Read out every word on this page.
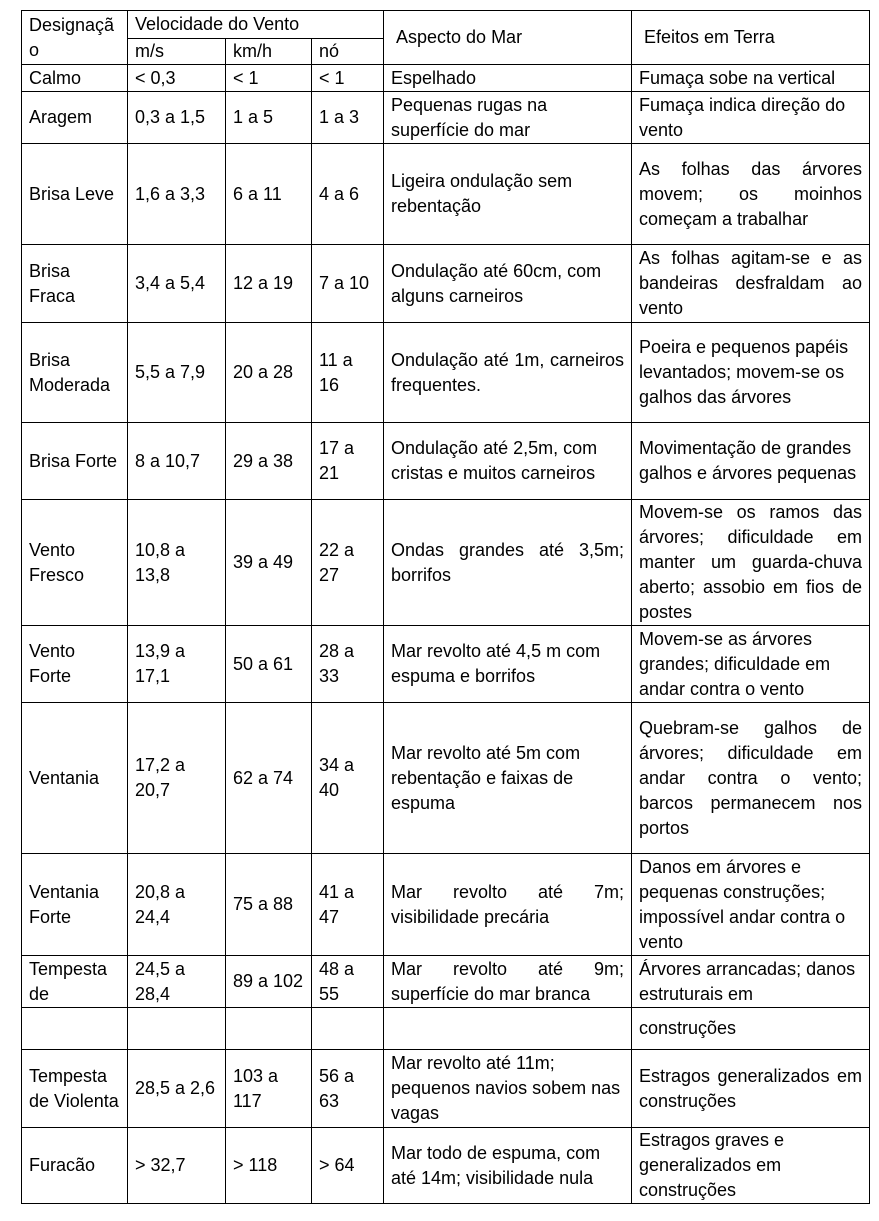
Designaçã
o	Velocidade do Vento			Aspecto do Mar	Efeitos em Terra
	m/s	km/h	nó		
Calmo	< 0,3	< 1	< 1	Espelhado	Fumaça sobe na vertical
Aragem	0,3 a 1,5	1 a 5	1 a 3	Pequenas rugas na superfície do mar	Fumaça indica direção do vento
Brisa Leve	1,6 a 3,3	6 a 11	4 a 6	Ligeira ondulação sem rebentação	As folhas das árvores movem; os moinhos começam a trabalhar
Brisa Fraca	3,4 a 5,4	12 a 19	7 a 10	Ondulação até 60cm, com alguns carneiros	As folhas agitam-se e as bandeiras desfraldam ao vento
Brisa Moderada	5,5 a 7,9	20 a 28	11 a 16	Ondulação até 1m, carneiros frequentes.	Poeira e pequenos papéis levantados; movem-se os galhos das árvores
Brisa Forte	8 a 10,7	29 a 38	17 a 21	Ondulação até 2,5m, com cristas e muitos carneiros	Movimentação de grandes galhos e árvores pequenas
Vento Fresco	10,8 a 13,8	39 a 49	22 a 27	Ondas grandes até 3,5m; borrifos	Movem-se os ramos das árvores; dificuldade em manter um guarda-chuva aberto; assobio em fios de postes
Vento Forte	13,9 a 17,1	50 a 61	28 a 33	Mar revolto até 4,5 m com espuma e borrifos	Movem-se as árvores grandes; dificuldade em andar contra o vento
Ventania	17,2 a 20,7	62 a 74	34 a 40	Mar revolto até 5m com rebentação e faixas de espuma	Quebram-se galhos de árvores; dificuldade em andar contra o vento; barcos permanecem nos portos
Ventania Forte	20,8 a 24,4	75 a 88	41 a 47	Mar revolto até 7m; visibilidade precária	Danos em árvores e pequenas construções; impossível andar contra o vento
Tempesta de	24,5 a 28,4	89 a 102	48 a 55	Mar revolto até 9m; superfície do mar branca	Árvores arrancadas; danos estruturais em
					construções
Tempesta de Violenta	28,5 a 2,6	103 a 117	56 a 63	Mar revolto até 11m; pequenos navios sobem nas vagas	Estragos generalizados em construções
Furacão	> 32,7	> 118	> 64	Mar todo de espuma, com até 14m; visibilidade nula	Estragos graves e generalizados em construções
